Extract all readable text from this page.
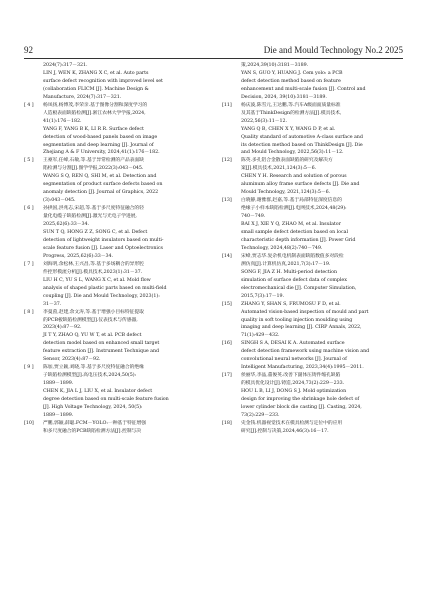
92	Die and Mould Technology No.2 2025
2024(7):317－321.
LIN J, WEN K, ZHANG X C, et al. Auto parts
surface defect recognition with improved level set
(collaboration FLICM [J]. Machine Design &
Manufacture, 2024(7):317－321.
[ 4 ] 杨凤扬,杨博茂,李荣亲.基于图像分割和深度学习的
人造板表面缺陷检测[J].浙江农林大学学报,2024,
41(1):176－182.
YANG F, YANG B K, LI R R. Surface defect
detection of wood-based panels based on image
segmentation and deep learning [J]. Journal of
Zhejiang A & F University, 2024,41(1):176－182.
[ 5 ] 王豪军,任峰,石敏,等.基于异常检测的产品表面缺
陷检测与分割[J].图学学报,2022(3):043－045.
WANG S Q, REN Q, SHI M, et al. Detection and
segmentation of product surface defects based on
anomaly detection [J]. Journal of Graphics, 2022
(3):043－045.
[ 6 ] 孙拱国,洪兆志,宋超,等.基于多尺度特征融合的轻
量化电缆子缺陷检测[J].激光与光电子学进展,
2025,62(6):33－34.
SUN T Q, HONG Z Z, SONG C, et al. Defect
detection of lightweight insulators based on multi-
scale feature fusion [J]. Laser and Optoelectronics
Progress, 2025,62(6):33－34.
[ 7 ] 刘海明,余松林,王兴昌,等.基于多场耦合的异形腔
件控形模流分析[J].模具技术,2023(1):31－37.
LIU H C, YU S L, WANG X C, et al. Mold flow
analysis of shaped plastic parts based on multi-field
coupling [J]. Die and Mould Technology, 2023(1):
31－37.
[ 8 ] 李曼茵,赵建,余文涛,等.基于增强小目标特征提取
的PCB板缺陷检测模型[J].仪表技术与传感器,
2023(4):87－92.
JI T Y, ZHAO Q, YU W T, et al. PCB defect
detection model based on enhanced small target
feature extraction [J]. Instrument Technique and
Sensor, 2023(4):87－92.
[ 9 ] 陈加,贾立颖,刘晓,等.基于多尺度特征融合的绝缘
子缺陷检测模型[J].高电压技术,2024,50(5):
1889－1899.
CHEN K, JIA L J, LIU X, et al. Insulator defect
degree detection based on multi-scale feature fusion
[J]. High Voltage Technology, 2024, 50(5):
1889－1899.
[10] 严鹏,郭颖,薛聪.FCM－YOLO:一种基于特征增强
和多尺度融合的PCB缺陷检测方法[J].控制与决
策,2024,39(10):3181－3189.
YAN S, GUO Y, HUANG J. Cem yolo: a PCB
defect detection method based on feature
enhancement and multi-scale fusion [J]. Control and
Decision, 2024, 39(10):3181－3189.
[11] 杨庆波,陈雪元,王达鹏,等.汽车A级面面质量标准
及其基于ThinkDesign的检测方法[J].模具技术,
2022,56(3):11－12.
YANG Q B, CHEN X Y, WANG D P, et al.
Quality standard of automotive A-class surface and
its detection method based on ThinkDesign [J]. Die
and Mould Technology, 2022,56(3):11－12.
[12] 陈英.多孔铝合金散表面缺陷的研究及解决方
案[J].模具技术,2021,124(3):5－6.
CHEN Y H. Research and solution of porous
aluminum alloy frame surface defects [J]. Die and
Mould Technology, 2021,124(3):5－6.
[13] 白晓静,谢雅群,赵嘉,等.基于局部特征深度信息的
绝缘子小样本缺陷检测[J].电网技术,2024,48(29):
740－749.
BAI X J, XIE Y Q, ZHAO M, et al. Insulator
small sample defect detection based on local
characteristic depth information [J]. Power Grid
Technology, 2024,48(2):740－749.
[14] 宋峰,贾志华.复杂机电机制表面缺陷数值多对段检
测仿真[J].计算机仿真,2021,7(3):17－19.
SONG F, JIA Z H. Multi-period detection
simulation of surface defect data of complex
electromechanical die [J]. Computer Simulation,
2015,7(3):17－19.
[15] ZHANG Y, SHAN S, FRUMOSU F D, et al.
Automated vision-based inspection of mould and part
quality in soft tooling injection moulding using
imaging and deep learning [J]. CIRP Annals, 2022,
71(1):429－432.
[16] SINGH S A, DESAI K A. Automated surface
defect detection framework using machine vision and
convolutional neural networks [J]. Journal of
Intelligent Manufacturing, 2023,34(4):1995－2011.
[17] 侯丽华,李晶,董俊英.改善下副体压铸件缩孔缺陷
的模具优化设计[J].铸造,2024,73(2):229－233.
HOU L B, LI J, DONG S J. Mold optimization
design for improving the shrinkage hole defect of
lower cylinder block die casting [J]. Casting, 2024,
73(2):229－233.
[18] 史金钱.机器视觉技术在模具检测与定位中的应用
研究[J].控制与决策,2024,46(3):16－17.
